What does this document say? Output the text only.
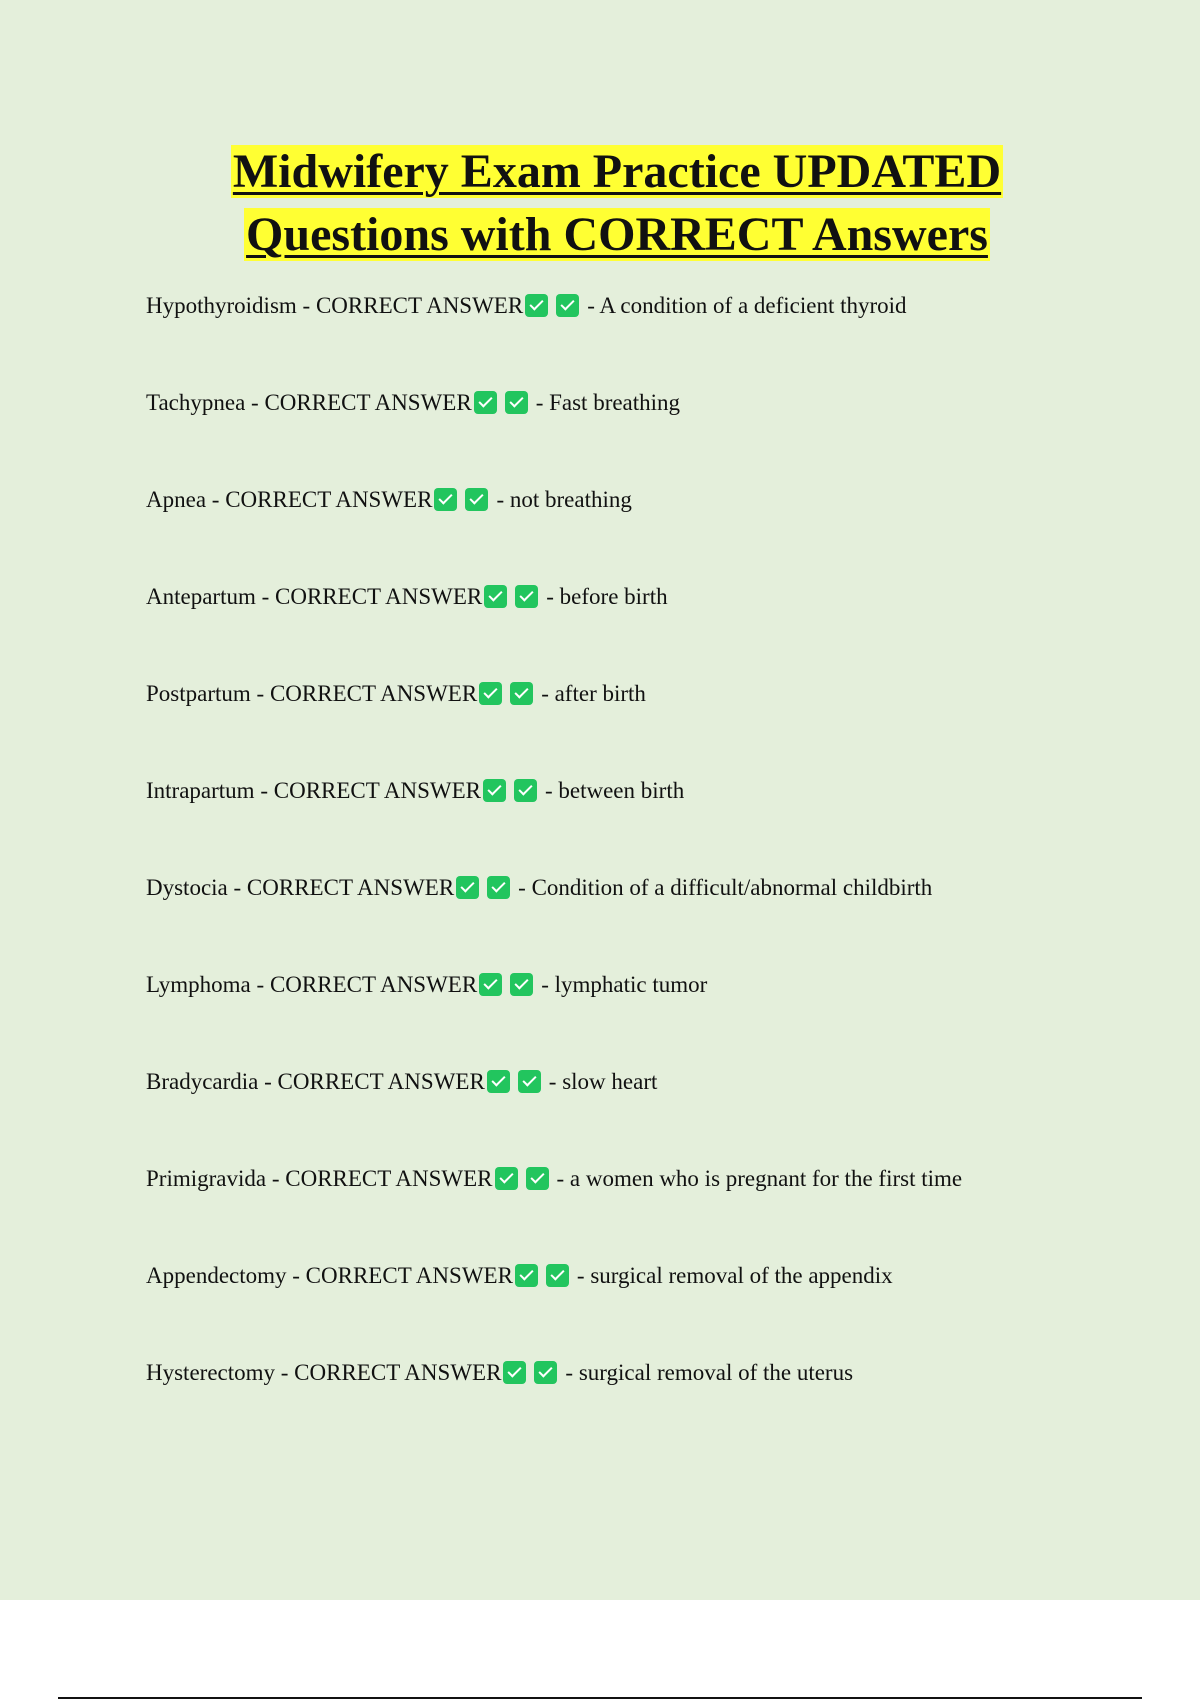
Midwifery Exam Practice UPDATED
Questions with CORRECT Answers
Hypothyroidism - CORRECT ANSWER	- A condition of a deficient thyroid
Tachypnea - CORRECT ANSWER	- Fast breathing
Apnea - CORRECT ANSWER	- not breathing
Antepartum - CORRECT ANSWER	- before birth
Postpartum - CORRECT ANSWER	- after birth
Intrapartum - CORRECT ANSWER	- between birth
Dystocia - CORRECT ANSWER	- Condition of a difficult/abnormal childbirth
Lymphoma - CORRECT ANSWER	- lymphatic tumor
Bradycardia - CORRECT ANSWER	- slow heart
Primigravida - CORRECT ANSWER	- a women who is pregnant for the first time
Appendectomy - CORRECT ANSWER	- surgical removal of the appendix
Hysterectomy - CORRECT ANSWER	- surgical removal of the uterus
